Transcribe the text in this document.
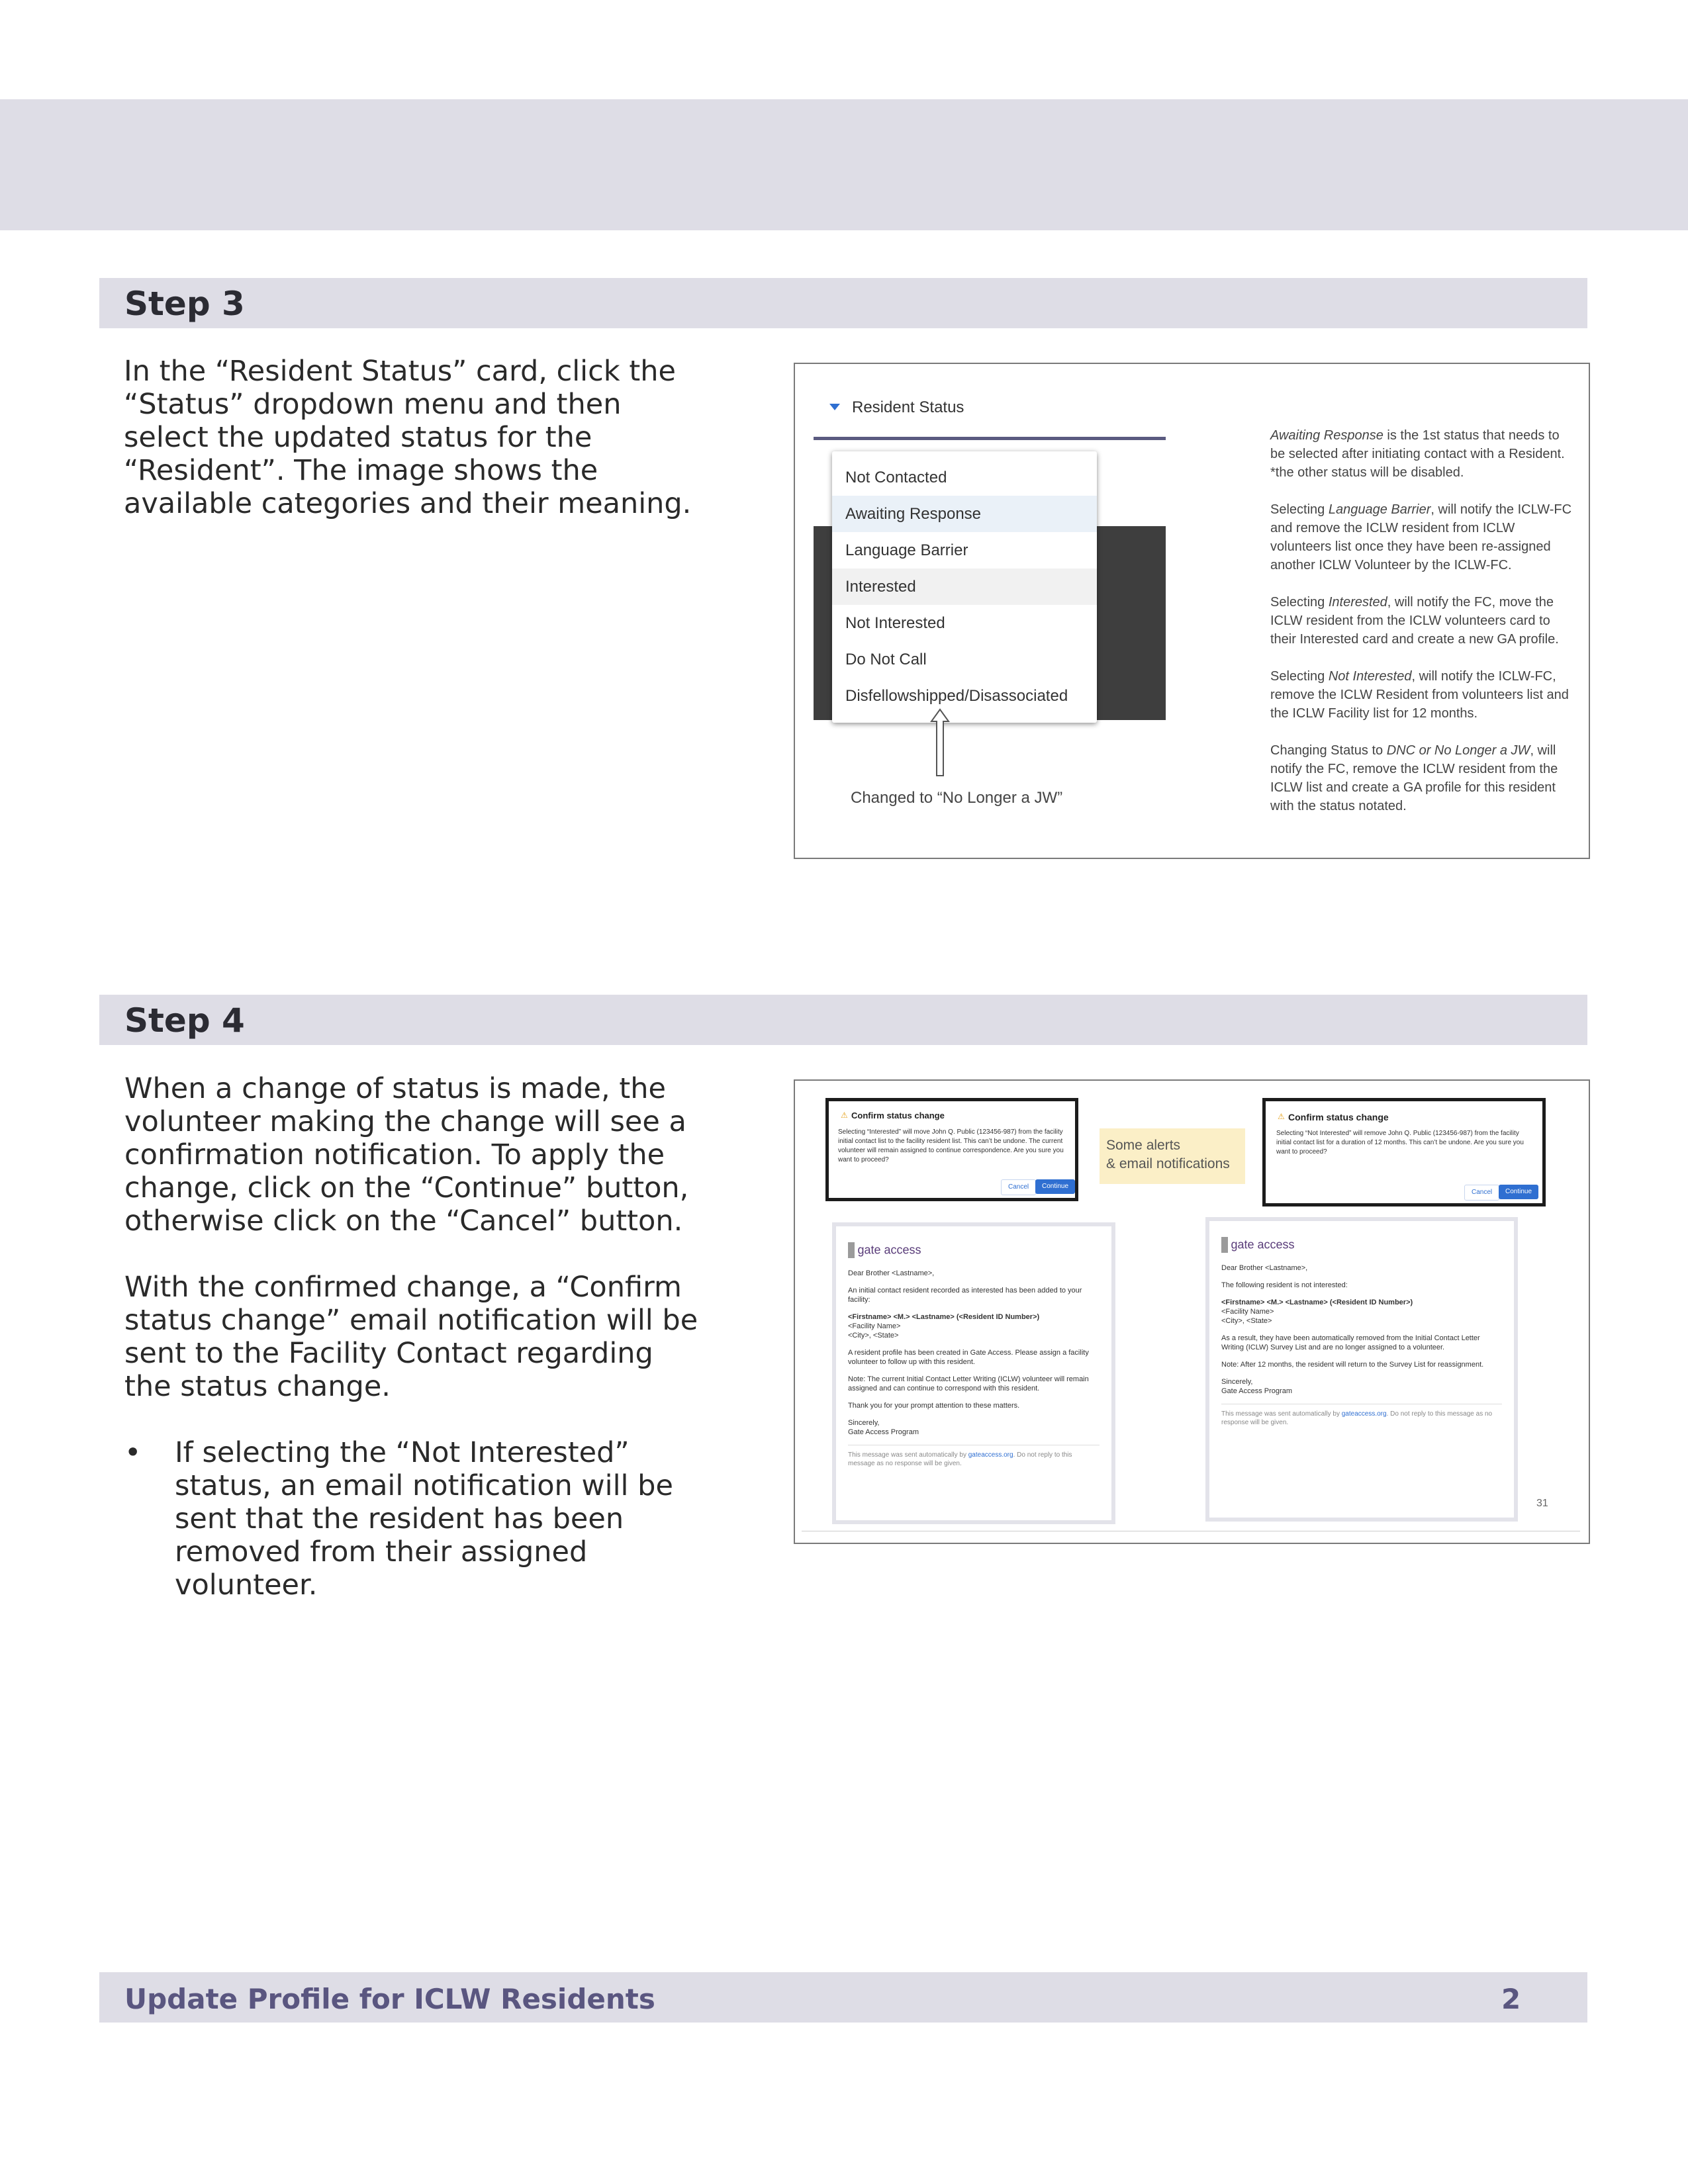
Step 3
In the “Resident Status” card, click the “Status” dropdown menu and then select the updated status for the “Resident”. The image shows the available categories and their meaning.
Resident Status
Not Contacted
Awaiting Response
Language Barrier
Interested
Not Interested
Do Not Call
Disfellowshipped/Disassociated
Changed to “No Longer a JW”

Awaiting Response is the 1st status that needs to be selected after initiating contact with a Resident. *the other status will be disabled.

Selecting Language Barrier, will notify the ICLW-FC and remove the ICLW resident from ICLW volunteers list once they have been re-assigned another ICLW Volunteer by the ICLW-FC.

Selecting Interested, will notify the FC, move the ICLW resident from the ICLW volunteers card to their Interested card and create a new GA profile.

Selecting Not Interested, will notify the ICLW-FC, remove the ICLW Resident from volunteers list and the ICLW Facility list for 12 months.

Changing Status to DNC or No Longer a JW, will notify the FC, remove the ICLW resident from the ICLW list and create a GA profile for this resident with the status notated.

Step 4
When a change of status is made, the volunteer making the change will see a confirmation notification. To apply the change, click on the “Continue” button, otherwise click on the “Cancel” button.
With the confirmed change, a “Confirm status change” email notification will be sent to the Facility Contact regarding the status change.
• If selecting the “Not Interested” status, an email notification will be sent that the resident has been removed from their assigned volunteer.
⚠ Confirm status change
Selecting “Interested” will move John Q. Public (123456-987) from the facility initial contact list to the facility resident list. This can’t be undone. The current volunteer will remain assigned to continue correspondence. Are you sure you want to proceed?
Cancel	Continue
Some alerts
& email notifications
⚠ Confirm status change
Selecting “Not Interested” will remove John Q. Public (123456-987) from the facility initial contact list for a duration of 12 months. This can’t be undone. Are you sure you want to proceed?
Cancel	Continue
gate access

Dear Brother <Lastname>,

An initial contact resident recorded as interested has been added to your facility:

<Firstname> <M.> <Lastname> (<Resident ID Number>)
<Facility Name>
<City>, <State>

A resident profile has been created in Gate Access. Please assign a facility volunteer to follow up with this resident.

Note: The current Initial Contact Letter Writing (ICLW) volunteer will remain assigned and can continue to correspond with this resident.

Thank you for your prompt attention to these matters.

Sincerely,
Gate Access Program

This message was sent automatically by gateaccess.org. Do not reply to this message as no response will be given.
gate access

Dear Brother <Lastname>,

The following resident is not interested:

<Firstname> <M.> <Lastname> (<Resident ID Number>)
<Facility Name>
<City>, <State>

As a result, they have been automatically removed from the Initial Contact Letter Writing (ICLW) Survey List and are no longer assigned to a volunteer.

Note: After 12 months, the resident will return to the Survey List for reassignment.

Sincerely,
Gate Access Program

This message was sent automatically by gateaccess.org. Do not reply to this message as no response will be given.
31
Update Profile for ICLW Residents	2
